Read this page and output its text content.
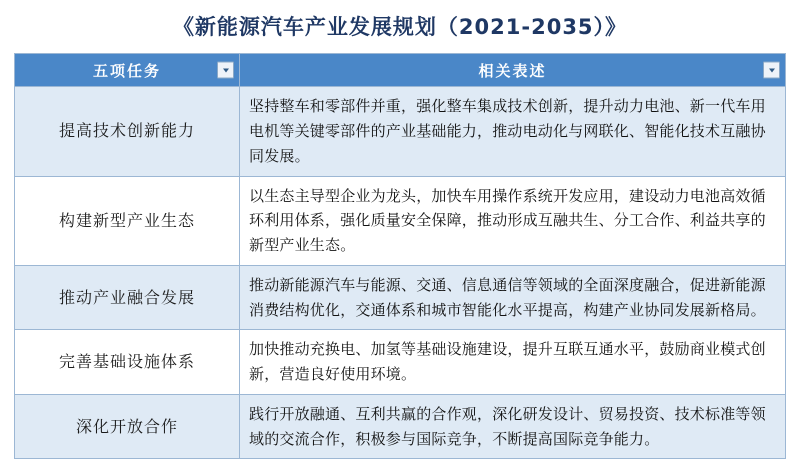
《新能源汽车产业发展规划（2021-2035）》
五项任务	相关表述

提高技术创新能力	坚持整车和零部件并重，强化整车集成技术创新，提升动力电池、新一代车用电机等关键零部件的产业基础能力，推动电动化与网联化、智能化技术互融协同发展。
构建新型产业生态	以生态主导型企业为龙头，加快车用操作系统开发应用，建设动力电池高效循环利用体系，强化质量安全保障，推动形成互融共生、分工合作、利益共享的新型产业生态。
推动产业融合发展	推动新能源汽车与能源、交通、信息通信等领域的全面深度融合，促进新能源消费结构优化，交通体系和城市智能化水平提高，构建产业协同发展新格局。
完善基础设施体系	加快推动充换电、加氢等基础设施建设，提升互联互通水平，鼓励商业模式创新，营造良好使用环境。
深化开放合作	践行开放融通、互利共赢的合作观，深化研发设计、贸易投资、技术标准等领域的交流合作，积极参与国际竞争，不断提高国际竞争能力。
